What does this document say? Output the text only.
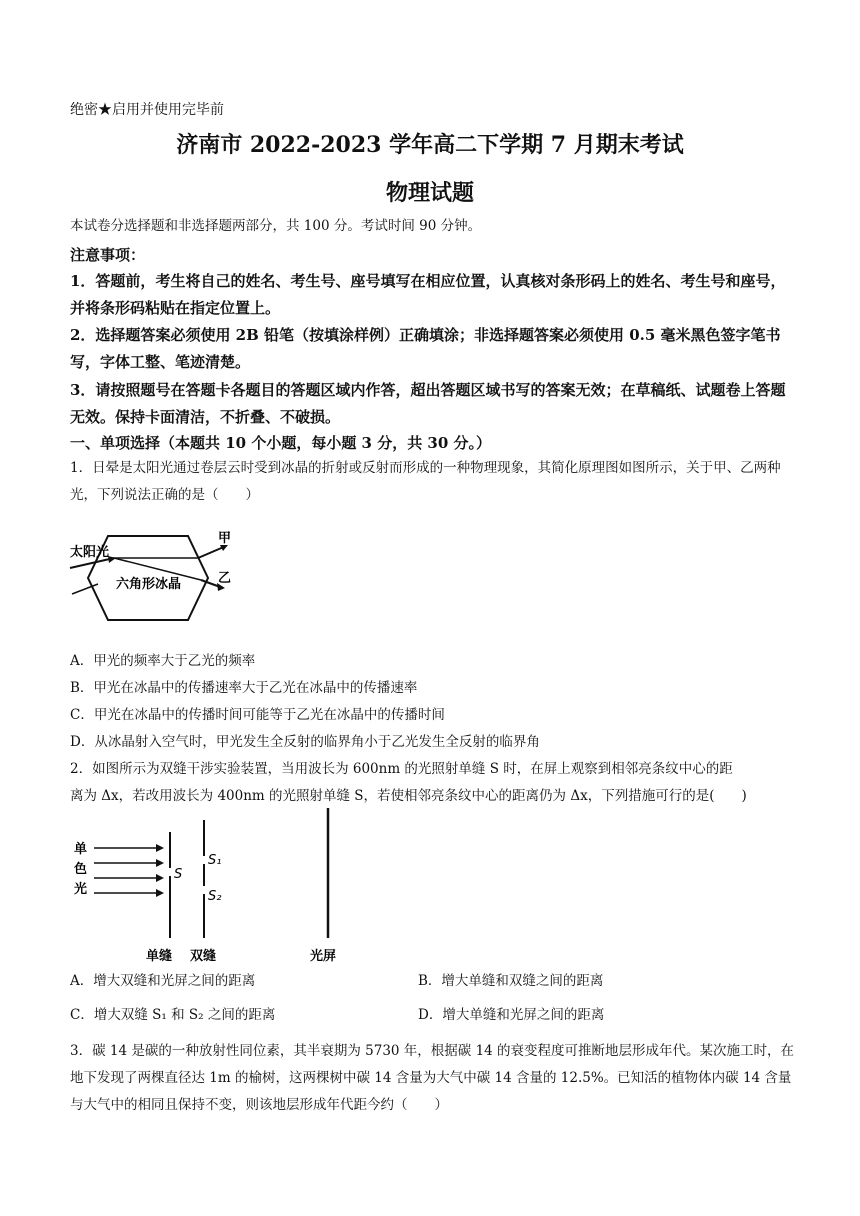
绝密★启用并使用完毕前
济南市 2022-2023 学年高二下学期 7 月期末考试
物理试题
本试卷分选择题和非选择题两部分，共 100 分。考试时间 90 分钟。
注意事项：
1．答题前，考生将自己的姓名、考生号、座号填写在相应位置，认真核对条形码上的姓名、考生号和座号，并将条形码粘贴在指定位置上。
2．选择题答案必须使用 2B 铅笔（按填涂样例）正确填涂；非选择题答案必须使用 0.5 毫米黑色签字笔书写，字体工整、笔迹清楚。
3．请按照题号在答题卡各题目的答题区域内作答，超出答题区域书写的答案无效；在草稿纸、试题卷上答题无效。保持卡面清洁，不折叠、不破损。
一、单项选择（本题共 10 个小题，每小题 3 分，共 30 分。）
1．日晕是太阳光通过卷层云时受到冰晶的折射或反射而形成的一种物理现象，其简化原理图如图所示，关于甲、乙两种光，下列说法正确的是（　　）
太阳光
六角形冰晶
甲
乙
A．甲光的频率大于乙光的频率
B．甲光在冰晶中的传播速率大于乙光在冰晶中的传播速率
C．甲光在冰晶中的传播时间可能等于乙光在冰晶中的传播时间
D．从冰晶射入空气时，甲光发生全反射的临界角小于乙光发生全反射的临界角
2．如图所示为双缝干涉实验装置，当用波长为 600nm 的光照射单缝 S 时，在屏上观察到相邻亮条纹中心的距
离为 Δx，若改用波长为 400nm 的光照射单缝 S，若使相邻亮条纹中心的距离仍为 Δx，下列措施可行的是(　　)
单
色
光
S
S₁
S₂
单缝 双缝	光屏
A．增大双缝和光屏之间的距离	B．增大单缝和双缝之间的距离
C．增大双缝 S₁ 和 S₂ 之间的距离	D．增大单缝和光屏之间的距离
3．碳 14 是碳的一种放射性同位素，其半衰期为 5730 年，根据碳 14 的衰变程度可推断地层形成年代。某次施工时，在地下发现了两棵直径达 1m 的榆树，这两棵树中碳 14 含量为大气中碳 14 含量的 12.5%。已知活的植物体内碳 14 含量与大气中的相同且保持不变，则该地层形成年代距今约（　　）
